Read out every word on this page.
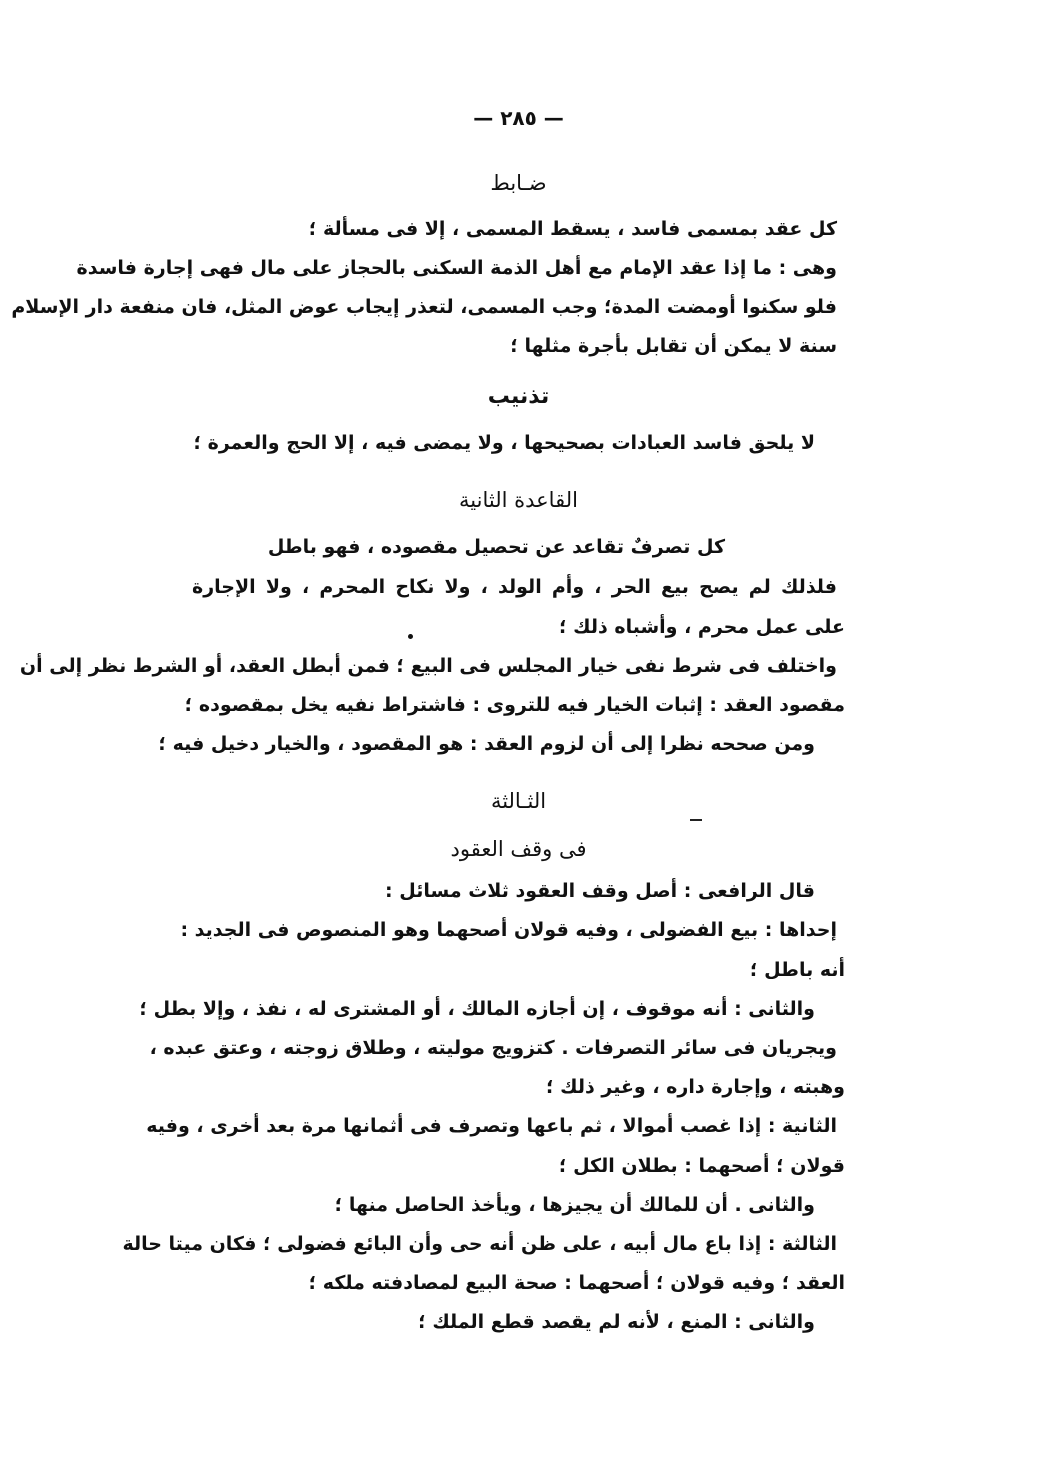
— ٢٨٥ —
ضـابط
كل عقد بمسمى فاسد ، يسقط المسمى ، إلا فى مسألة ؛
وهى : ما إذا عقد الإمام مع أهل الذمة السكنى بالحجاز على مال فهى إجارة فاسدة
فلو سكنوا أومضت المدة؛ وجب المسمى، لتعذر إيجاب عوض المثل، فان منفعة دار الإسلام
سنة لا يمكن أن تقابل بأجرة مثلها ؛
تذنيب
لا يلحق فاسد العبادات بصحيحها ، ولا يمضى فيه ، إلا الحج والعمرة ؛
القاعدة الثانية
كل تصرفٌ تقاعد عن تحصيل مقصوده ، فهو باطل
فلذلك لم يصح بيع الحر ، وأم الولد ، ولا نكاح المحرم ، ولا الإجارة
على عمل محرم ، وأشباه ذلك ؛
واختلف فى شرط نفى خيار المجلس فى البيع ؛ فمن أبطل العقد، أو الشرط نظر إلى أن
مقصود العقد : إثبات الخيار فيه للتروى : فاشتراط نفيه يخل بمقصوده ؛
ومن صححه نظرا إلى أن لزوم العقد : هو المقصود ، والخيار دخيل فيه ؛
الثـالثة
فى وقف العقود
قال الرافعى : أصل وقف العقود ثلاث مسائل :
إحداها : بيع الفضولى ، وفيه قولان أصحهما وهو المنصوص فى الجديد :
أنه باطل ؛
والثانى : أنه موقوف ، إن أجازه المالك ، أو المشترى له ، نفذ ، وإلا بطل ؛
ويجريان فى سائر التصرفات . كتزويج موليته ، وطلاق زوجته ، وعتق عبده ،
وهبته ، وإجارة داره ، وغير ذلك ؛
الثانية : إذا غصب أموالا ، ثم باعها وتصرف فى أثمانها مرة بعد أخرى ، وفيه
قولان ؛ أصحهما : بطلان الكل ؛
والثانى . أن للمالك أن يجيزها ، ويأخذ الحاصل منها ؛
الثالثة : إذا باع مال أبيه ، على ظن أنه حى وأن البائع فضولى ؛ فكان ميتا حالة
العقد ؛ وفيه قولان ؛ أصحهما : صحة البيع لمصادفته ملكه ؛
والثانى : المنع ، لأنه لم يقصد قطع الملك ؛
